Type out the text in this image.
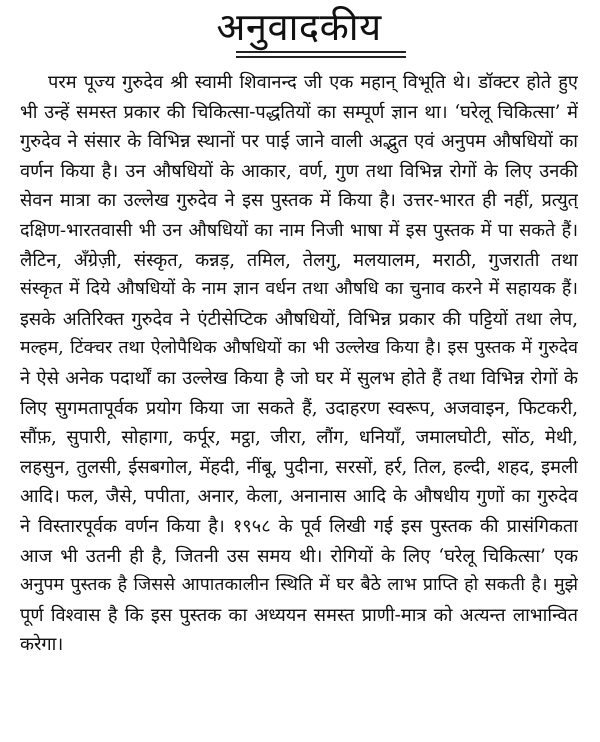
अनुवादकीय
परम पूज्य गुरुदेव श्री स्वामी शिवानन्द जी एक महान् विभूति थे। डॉक्टर होते हुए
भी उन्हें समस्त प्रकार की चिकित्सा-पद्धतियों का सम्पूर्ण ज्ञान था। ‘घरेलू चिकित्सा’ में
गुरुदेव ने संसार के विभिन्न स्थानों पर पाई जाने वाली अद्भुत एवं अनुपम औषधियों का
वर्णन किया है। उन औषधियों के आकार, वर्ण, गुण तथा विभिन्न रोगों के लिए उनकी
सेवन मात्रा का उल्लेख गुरुदेव ने इस पुस्तक में किया है। उत्तर-भारत ही नहीं, प्रत्युत्
दक्षिण-भारतवासी भी उन औषधियों का नाम निजी भाषा में इस पुस्तक में पा सकते हैं।
लैटिन, अँग्रेज़ी, संस्कृत, कन्नड़, तमिल, तेलगु, मलयालम, मराठी, गुजराती तथा
संस्कृत में दिये औषधियों के नाम ज्ञान वर्धन तथा औषधि का चुनाव करने में सहायक हैं।
इसके अतिरिक्त गुरुदेव ने एंटीसेप्टिक औषधियों, विभिन्न प्रकार की पट्टियों तथा लेप,
मल्हम, टिंक्चर तथा ऐलोपैथिक औषधियों का भी उल्लेख किया है। इस पुस्तक में गुरुदेव
ने ऐसे अनेक पदार्थों का उल्लेख किया है जो घर में सुलभ होते हैं तथा विभिन्न रोगों के
लिए सुगमतापूर्वक प्रयोग किया जा सकते हैं, उदाहरण स्वरूप, अजवाइन, फिटकरी,
सौंफ़, सुपारी, सोहागा, कर्पूर, मट्ठा, जीरा, लौंग, धनियाँ, जमालघोटी, सोंठ, मेथी,
लहसुन, तुलसी, ईसबगोल, मेंहदी, नींबू, पुदीना, सरसों, हर्र, तिल, हल्दी, शहद, इमली
आदि। फल, जैसे, पपीता, अनार, केला, अनानास आदि के औषधीय गुणों का गुरुदेव
ने विस्तारपूर्वक वर्णन किया है। १९५८ के पूर्व लिखी गई इस पुस्तक की प्रासंगिकता
आज भी उतनी ही है, जितनी उस समय थी। रोगियों के लिए ‘घरेलू चिकित्सा’ एक
अनुपम पुस्तक है जिससे आपातकालीन स्थिति में घर बैठे लाभ प्राप्ति हो सकती है। मुझे
पूर्ण विश्वास है कि इस पुस्तक का अध्ययन समस्त प्राणी-मात्र को अत्यन्त लाभान्वित
करेगा।
